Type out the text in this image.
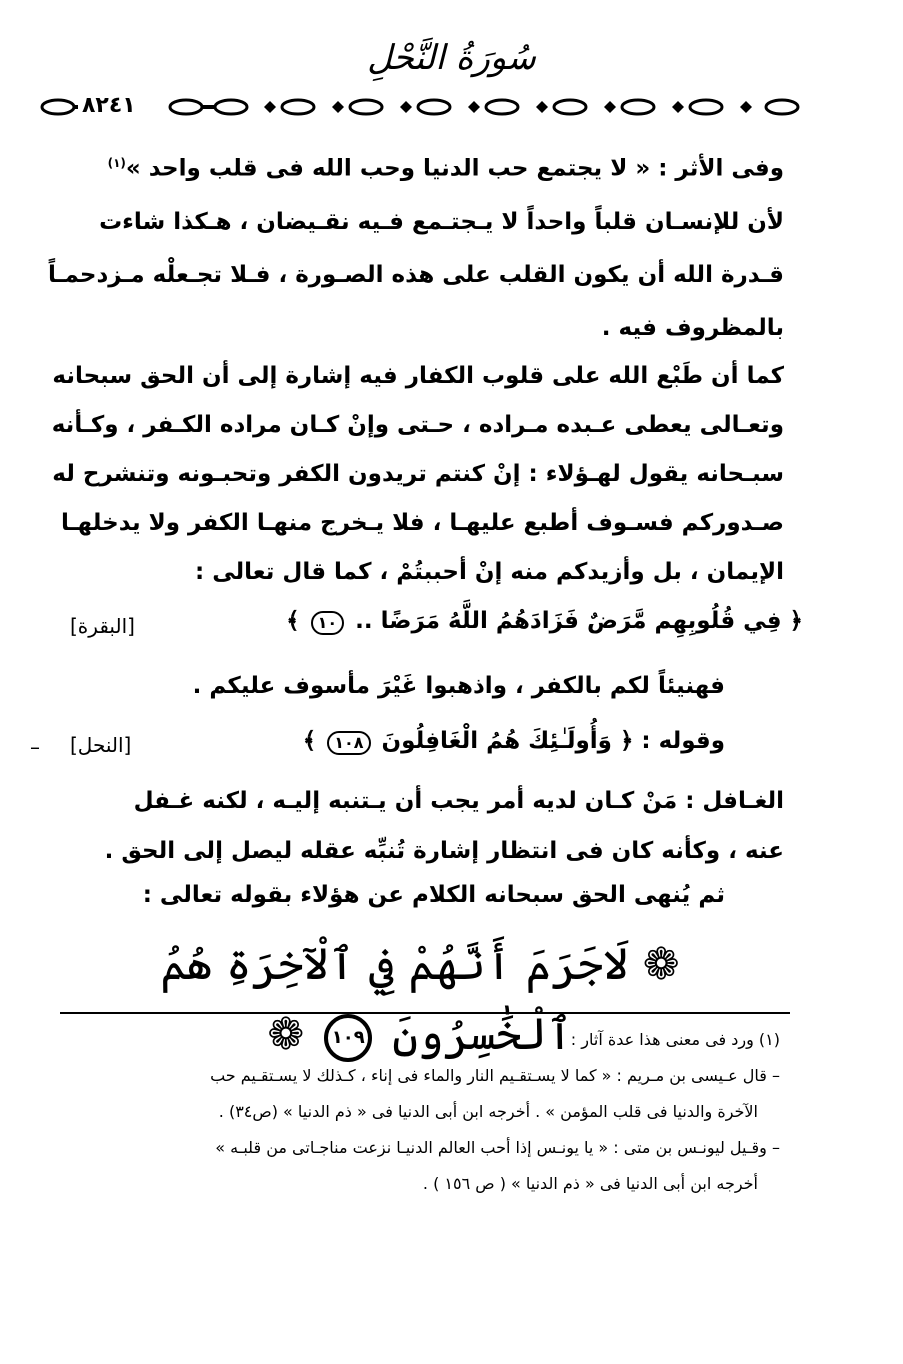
سُورَةُ النَّحْلِ
٨٢٤١
وفى الأثر : « لا يجتمع حب الدنيا وحب الله فى قلب واحد »$^{(١)}$
لأن للإنسـان قلباً واحداً لا يـجتـمع فـيه نقـيضان ، هـكذا شاءت
قـدرة الله أن يكون القلب على هذه الصـورة ، فـلا تجـعلْه مـزدحمـاً
بالمظروف فيه .
كما أن طَبْع الله على قلوب الكفار فيه إشارة إلى أن الحق سبحانه
وتعـالى يعطى عـبده مـراده ، حـتى وإنْ كـان مراده الكـفر ، وكـأنه
سبـحانه يقول لهـؤلاء : إنْ كنتم تريدون الكفر وتحبـونه وتنشرح له
صـدوركم فسـوف أطبع عليهـا ، فلا يـخرج منهـا الكفر ولا يدخلهـا
الإيمان ، بل وأزيدكم منه إنْ أحببتُمْ ، كما قال تعالى :
﴿ فِي قُلُوبِهِم مَّرَضٌ فَزَادَهُمُ اللَّهُ مَرَضًا .. ١٠ ﴾
[البقرة]
فهنيئاً لكم بالكفر ، واذهبوا غَيْرَ مأسوف عليكم .
وقوله : ﴿ وَأُولَـٰئِكَ هُمُ الْغَافِلُونَ ١٠٨ ﴾
[النحل]
–
الغـافل : مَنْ كـان لديه أمر يجب أن يـتنبه إليـه ، لكنه غـفل
عنه ، وكأنه كان فى انتظار إشارة تُنبِّه عقله ليصل إلى الحق .
ثم يُنهى الحق سبحانه الكلام عن هؤلاء بقوله تعالى :
❁ لَاجَرَمَ أَنَّهُمْ فِي ٱلْآخِرَةِ هُمُ ٱلْخَٰسِرُونَ ١٠٩ ❁	(١) ورد فى معنى هذا عدة آثار :
– قال عـيسى بن مـريم : « كما لا يسـتقـيم النار والماء فى إناء ، كـذلك لا يسـتقـيم حب
الآخرة والدنيا فى قلب المؤمن » . أخرجه ابن أبى الدنيا فى « ذم الدنيا » (ص٣٤) .
– وقـيل ليونـس بن متى : « يا يونـس إذا أحب العالم الدنيـا نزعت مناجـاتى من قلبـه »
أخرجه ابن أبى الدنيا فى « ذم الدنيا » ( ص ١٥٦ ) .
